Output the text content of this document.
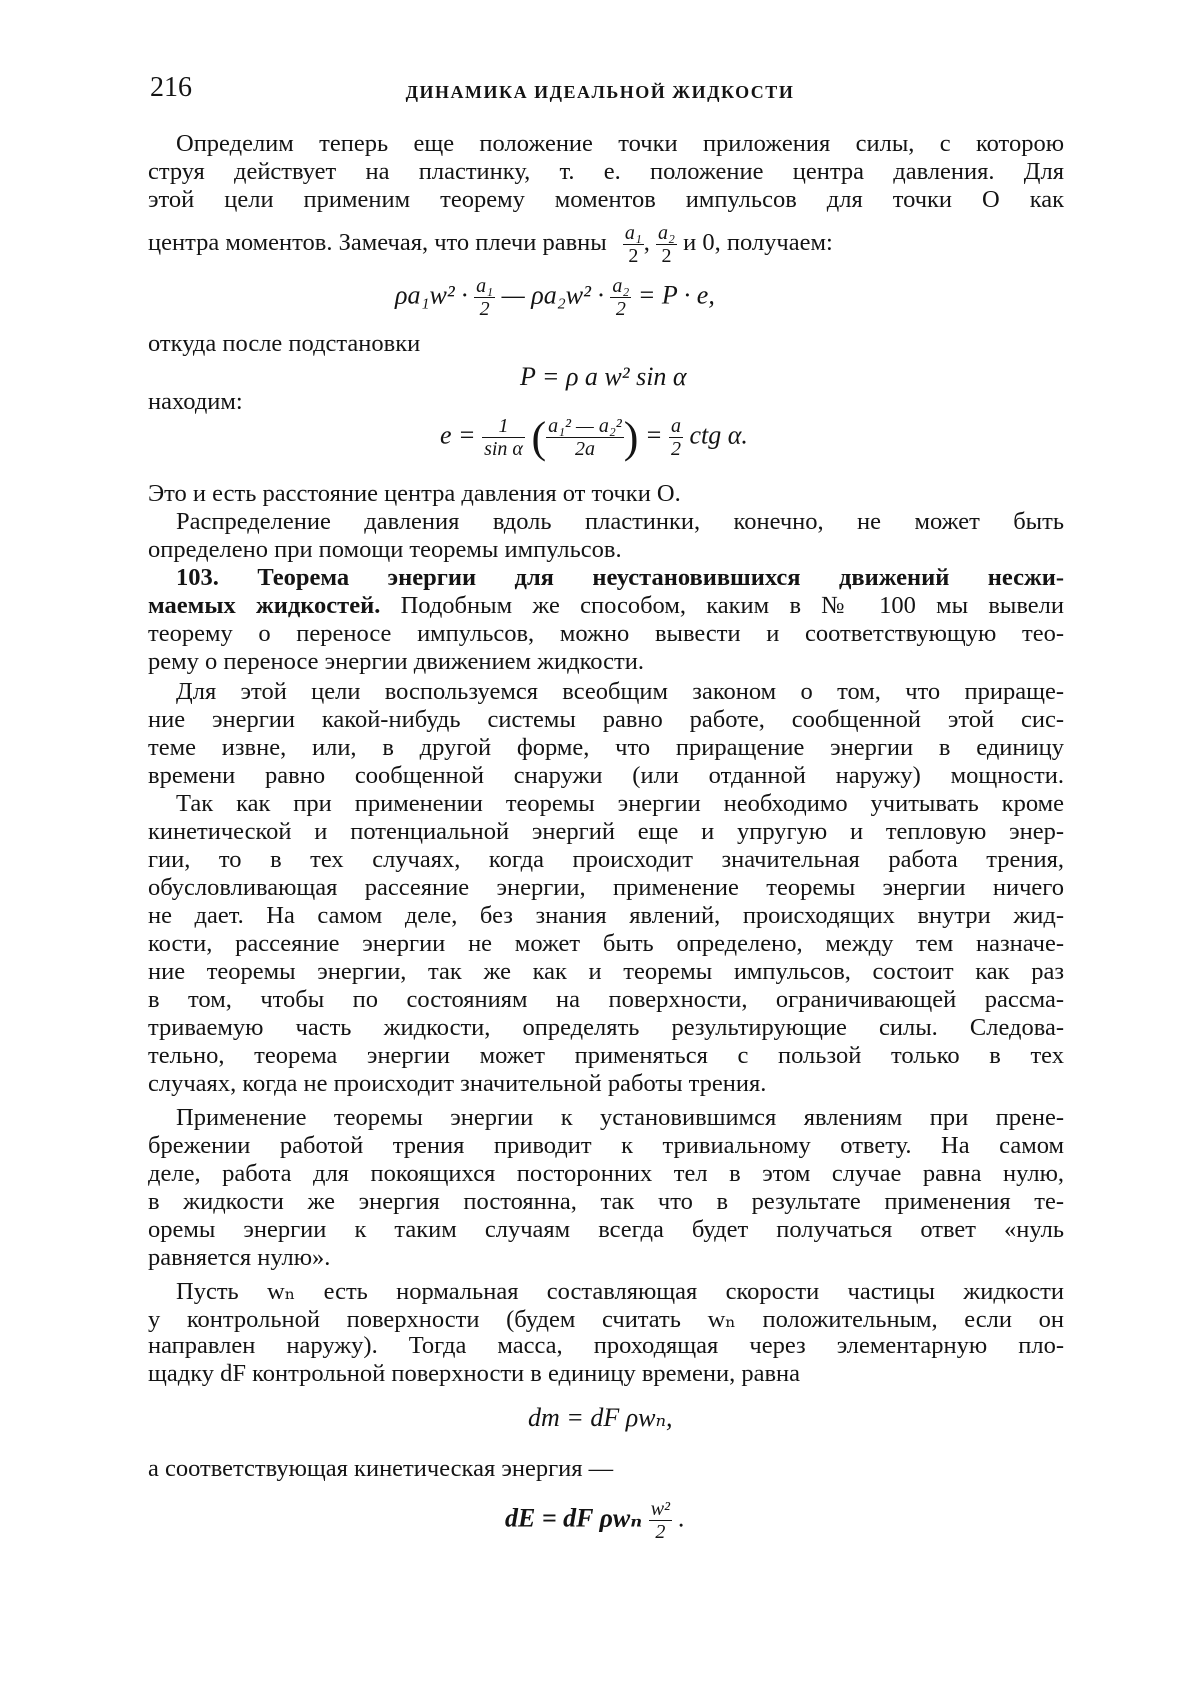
216	ДИНАМИКА ИДЕАЛЬНОЙ ЖИДКОСТИ
Определим теперь еще положение точки приложения силы, с которою
струя действует на пластинку, т. е. положение центра давления. Для
этой цели применим теорему моментов импульсов для точки O как
центра моментов. Замечая, что плечи равны $\frac{\text{a₁}}{2}$ , $\frac{\text{a₂}}{2}$ и 0, получаем:
$\rho a_1w^2 \cdot \frac{\text{a₁}}{2}$ — $\rho a_2w^2 \cdot \frac{\text{a₂}}{2} = P \cdot e$,
откуда после подстановки
P = ρ a w² sin α
находим:
$e = \frac{1}{\text{sin α}}$ ( $\frac{\text{a₁² — a₂²}}{2a}$ ) = $\frac{a}{2}$ ctg α.
Это и есть расстояние центра давления от точки O.
Распределение давления вдоль пластинки, конечно, не может быть
определено при помощи теоремы импульсов.
103. Теорема энергии для неустановившихся движений несжи-
маемых жидкостей. Подобным же способом, каким в № 100 мы вывели
теорему о переносе импульсов, можно вывести и соответствующую тео-
рему о переносе энергии движением жидкости.
Для этой цели воспользуемся всеобщим законом о том, что прираще-
ние энергии какой-нибудь системы равно работе, сообщенной этой сис-
теме извне, или, в другой форме, что приращение энергии в единицу
времени равно сообщенной снаружи (или отданной наружу) мощности.
Так как при применении теоремы энергии необходимо учитывать кроме
кинетической и потенциальной энергий еще и упругую и тепловую энер-
гии, то в тех случаях, когда происходит значительная работа трения,
обусловливающая рассеяние энергии, применение теоремы энергии ничего
не дает. На самом деле, без знания явлений, происходящих внутри жид-
кости, рассеяние энергии не может быть определено, между тем назначе-
ние теоремы энергии, так же как и теоремы импульсов, состоит как раз
в том, чтобы по состояниям на поверхности, ограничивающей рассма-
триваемую часть жидкости, определять результирующие силы. Следова-
тельно, теорема энергии может применяться с пользой только в тех
случаях, когда не происходит значительной работы трения.
Применение теоремы энергии к установившимся явлениям при прене-
брежении работой трения приводит к тривиальному ответу. На самом
деле, работа для покоящихся посторонних тел в этом случае равна нулю,
в жидкости же энергия постоянна, так что в результате применения те-
оремы энергии к таким случаям всегда будет получаться ответ «нуль
равняется нулю».
Пусть wₙ есть нормальная составляющая скорости частицы жидкости
у контрольной поверхности (будем считать wₙ положительным, если он
направлен наружу). Тогда масса, проходящая через элементарную пло-
щадку dF контрольной поверхности в единицу времени, равна
dm = dF ρwₙ,
а соответствующая кинетическая энергия —
dE = dF ρwₙ $\frac{\text{w²}}{2}$ .
